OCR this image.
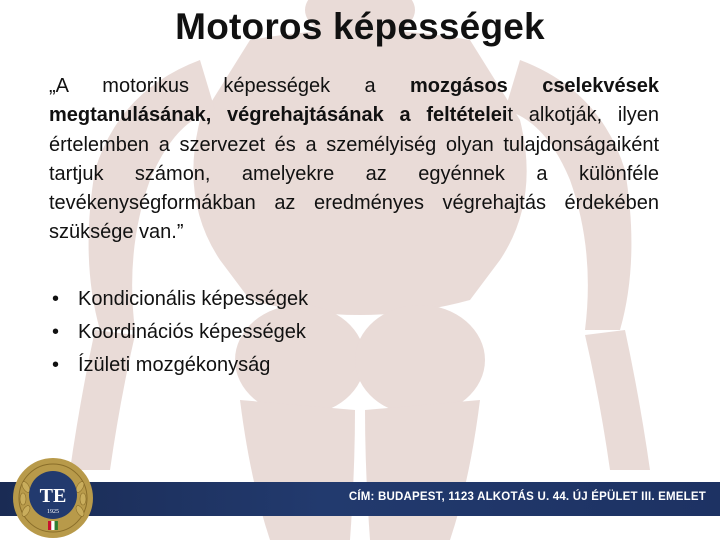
Motoros képességek

„A motorikus képességek a mozgásos cselekvések megtanulásának, végrehajtásának a feltételeit alkotják, ilyen értelemben a szervezet és a személyiség olyan tulajdonságaiként tartjuk számon, amelyekre az egyénnek a különféle tevékenységformákban az eredményes végrehajtás érdekében szüksége van.”

• Kondicionális képességek
• Koordinációs képességek
• Ízületi mozgékonyság
CÍM: BUDAPEST, 1123 ALKOTÁS U. 44. ÚJ ÉPÜLET III. EMELET
TE
1925
